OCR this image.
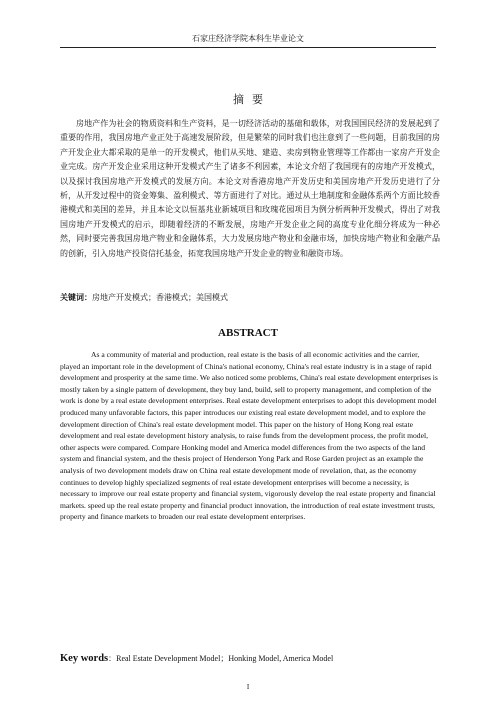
石家庄经济学院本科生毕业论文
摘要

房地产作为社会的物质资料和生产资料，是一切经济活动的基础和载体，对我国国民经济的发展起到了重要的作用，我国房地产业正处于高速发展阶段，但是繁荣的同时我们也注意到了一些问题，目前我国的房产开发企业大都采取的是单一的开发模式，他们从买地、建造、卖房到物业管理等工作都由一家房产开发企业完成。房产开发企业采用这种开发模式产生了诸多不利因素，本论文介绍了我国现有的房地产开发模式，以及探讨我国房地产开发模式的发展方向。本论文对香港房地产开发历史和美国房地产开发历史进行了分析，从开发过程中的资金筹集、盈利模式、等方面进行了对比。通过从土地制度和金融体系两个方面比较香港模式和美国的差异，并且本论文以恒基兆业新城项目和玫瑰花园项目为例分析两种开发模式，得出了对我国房地产开发模式的启示，即随着经济的不断发展，房地产开发企业之间的高度专业化细分将成为一种必然，同时要完善我国房地产物业和金融体系，大力发展房地产物业和金融市场，加快房地产物业和金融产品的创新，引入房地产投资信托基金，拓宽我国房地产开发企业的物业和融资市场。

关键词：房地产开发模式；香港模式；美国模式

ABSTRACT

As a community of material and production, real estate is the basis of all economic activities and the carrier, played an important role in the development of China's national economy, China's real estate industry is in a stage of rapid development and prosperity at the same time. We also noticed some problems, China's real estate development enterprises is mostly taken by a single pattern of development, they buy land, build, sell to property management, and completion of the work is done by a real estate development enterprises. Real estate development enterprises to adopt this development model produced many unfavorable factors, this paper introduces our existing real estate development model, and to explore the development direction of China's real estate development model. This paper on the history of Hong Kong real estate development and real estate development history analysis, to raise funds from the development process, the profit model, other aspects were compared. Compare Honking model and America model differences from the two aspects of the land system and financial system, and the thesis project of Henderson Yong Park and Rose Garden project as an example the analysis of two development models draw on China real estate development mode of revelation, that, as the economy continues to develop highly specialized segments of real estate development enterprises will become a necessity, is necessary to improve our real estate property and financial system, vigorously develop the real estate property and financial markets. speed up the real estate property and financial product innovation, the introduction of real estate investment trusts, property and finance markets to broaden our real estate development enterprises.

Key words：Real Estate Development Model；Honking Model, America Model

I
